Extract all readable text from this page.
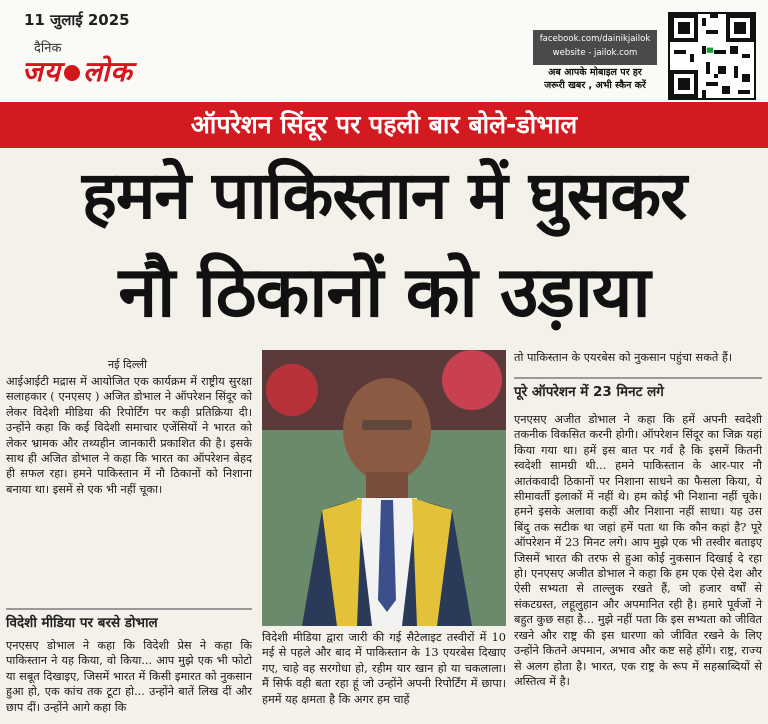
11 जुलाई 2025
दैनिक
जय लोक
facebook.com/dainikjailok
website - jailok.com
अब आपके मोबाइल पर हर
जरूरी खबर , अभी स्कैन करें
ऑपरेशन सिंदूर पर पहली बार बोले-डोभाल
हमने पाकिस्तान में घुसकर
नौ ठिकानों को उड़ाया
नई दिल्ली
आईआईटी मद्रास में आयोजित एक कार्यक्रम में राष्ट्रीय सुरक्षा सलाहकार ( एनएसए ) अजित डोभाल ने ऑपरेशन सिंदूर को लेकर विदेशी मीडिया की रिपोर्टिंग पर कड़ी प्रतिक्रिया दी। उन्होंने कहा कि कई विदेशी समाचार एजेंसियों ने भारत को लेकर भ्रामक और तथ्यहीन जानकारी प्रकाशित की है। इसके साथ ही अजित डोभाल ने कहा कि भारत का ऑपरेशन बेहद ही सफल रहा। हमने पाकिस्तान में नौ ठिकानों को निशाना बनाया था। इसमें से एक भी नहीं चूका।
विदेशी मीडिया पर बरसे डोभाल
एनएसए डोभाल ने कहा कि विदेशी प्रेस ने कहा कि पाकिस्तान ने यह किया, वो किया... आप मुझे एक भी फोटो या सबूत दिखाइए, जिसमें भारत में किसी इमारत को नुकसान हुआ हो, एक कांच तक टूटा हो... उन्होंने बातें लिख दीं और छाप दीं। उन्होंने आगे कहा कि
विदेशी मीडिया द्वारा जारी की गई सैटेलाइट तस्वीरों में 10 मई से पहले और बाद में पाकिस्तान के 13 एयरबेस दिखाए गए, चाहे वह सरगोधा हो, रहीम यार खान हो या चकलाला। मैं सिर्फ वही बता रहा हूं जो उन्होंने अपनी रिपोर्टिंग में छापा। हममें यह क्षमता है कि अगर हम चाहें
तो पाकिस्तान के एयरबेस को नुकसान पहुंचा सकते हैं।
पूरे ऑपरेशन में 23 मिनट लगे
एनएसए अजीत डोभाल ने कहा कि हमें अपनी स्वदेशी तकनीक विकसित करनी होगी। ऑपरेशन सिंदूर का जिक्र यहां किया गया था। हमें इस बात पर गर्व है कि इसमें कितनी स्वदेशी सामग्री थी... हमने पाकिस्तान के आर-पार नौ आतंकवादी ठिकानों पर निशाना साधने का फैसला किया, ये सीमावर्ती इलाकों में नहीं थे। हम कोई भी निशाना नहीं चूके। हमने इसके अलावा कहीं और निशाना नहीं साधा। यह उस बिंदु तक सटीक था जहां हमें पता था कि कौन कहां है? पूरे ऑपरेशन में 23 मिनट लगे। आप मुझे एक भी तस्वीर बताइए जिसमें भारत की तरफ से हुआ कोई नुकसान दिखाई दे रहा हो। एनएसए अजीत डोभाल ने कहा कि हम एक ऐसे देश और ऐसी सभ्यता से ताल्लुक रखते हैं, जो हजार वर्षों से संकटग्रस्त, लहूलुहान और अपमानित रही है। हमारे पूर्वजों ने बहुत कुछ सहा है... मुझे नहीं पता कि इस सभ्यता को जीवित रखने और राष्ट्र की इस धारणा को जीवित रखने के लिए उन्होंने कितने अपमान, अभाव और कष्ट सहे होंगे। राष्ट्र, राज्य से अलग होता है। भारत, एक राष्ट्र के रूप में सहस्राब्दियों से अस्तित्व में है।
